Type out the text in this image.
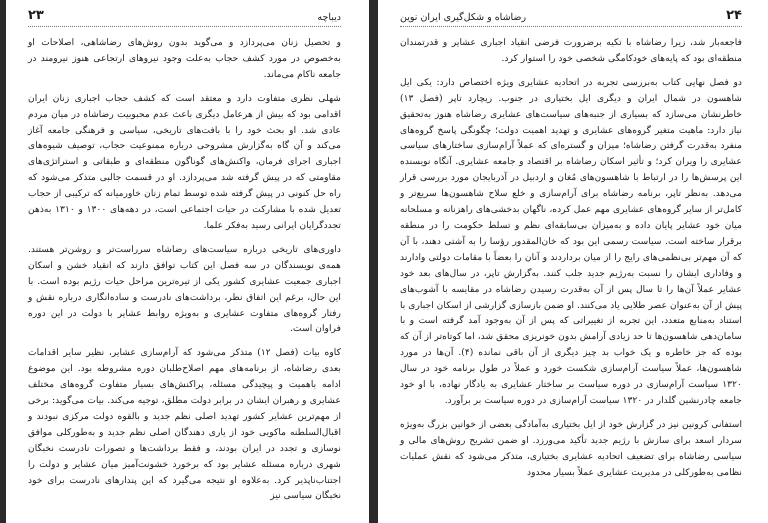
دیباچه
۲۳

و تحصیل زنان می‌پردازد و می‌گوید بدون روش‌های رضاشاهی، اصلاحات او به‌خصوص در مورد کشف حجاب به‌علت وجود نیروهای ارتجاعی هنوز نیرومند در جامعه ناکام می‌ماند.

شهلی نظری متفاوت دارد و معتقد است که کشف حجاب اجباری زنان ایران اقدامی بود که بیش از هرعامل دیگری باعث عدم محبوبیت رضاشاه در میان مردم عادی شد. او بحث خود را با بافت‌های تاریخی، سیاسی و فرهنگی جامعه آغاز می‌کند و آن گاه به‌گزارش مشروحی درباره ممنوعیت حجاب، توصیف شیوه‌های اجباری اجرای فرمان، واکنش‌های گوناگون منطقه‌ای و طبقاتی و استراتژی‌های مقاومتی که در پیش گرفته شد می‌پردازد. او در قسمت جالبی متذکر می‌شود که راه حل کنونی در پیش گرفته شده توسط تمام زنان خاورمیانه که ترکیبی از حجاب تعدیل شده با مشارکت در حیات اجتماعی است، در دهه‌های ۱۳۰۰ و ۱۳۱۰ به‌ذهن تجددگرایان ایرانی رسید به‌فکر علما.

داوری‌های تاریخی درباره سیاست‌های رضاشاه سرراست‌تر و روشن‌تر هستند. همه‌ی نویسندگان در سه فصل این کتاب توافق دارند که انقیاد خشن و اسکان اجباری جمعیت عشایری کشور یکی از تیره‌ترین مراحل حیات رژیم بوده است. با این حال، برغم این اتفاق نظر، برداشت‌های نادرست و ساده‌انگاری درباره نقش و رفتار گروه‌های متفاوت عشایری و به‌ویژه روابط عشایر با دولت در این دوره فراوان است.

کاوه بیات (فصل ۱۲) متذکر می‌شود که آرام‌سازی عشایر، نظیر سایر اقدامات بعدی رضاشاه، از برنامه‌های مهم اصلاح‌طلبان دوره مشروطه بود. این موضوع ادامه باهمیت و پیچیدگی مسئله، پراکنش‌های بسیار متفاوت گروه‌های مختلف عشایری و رهبران ایشان در برابر دولت مطلق، توجیه می‌کند. بیات می‌گوید: برخی از مهم‌ترین عشایر کشور تهدید اصلی نظم جدید و بالقوه دولت مرکزی نبودند و اقبال‌السلطنه ماکویی خود از یاری دهندگان اصلی نظم جدید و به‌طورکلی موافق نوسازی و تجدد در ایران بودند، و فقط برداشت‌ها و تصورات نادرست نخبگان شهری درباره مسئله عشایر بود که برخورد خشونت‌آمیز میان عشایر و دولت را اجتناب‌ناپذیر کرد. به‌علاوه او نتیجه می‌گیرد که این پندارهای نادرست برای خود نخبگان سیاسی نیز

۲۴
رضاشاه و شکل‌گیری ایران نوین

فاجعه‌بار شد، زیرا رضاشاه با تکیه برضرورت فرضی انقیاد اجباری عشایر و قدرتمندان منطقه‌ای بود که پایه‌های خودکامگی شخصی خود را استوار کرد.

دو فصل نهایی کتاب به‌بررسی تجربه در اتحادیه عشایری ویژه اختصاص دارد: یکی ایل شاهسون در شمال ایران و دیگری ایل بختیاری در جنوب. ریچارد تاپر (فصل ۱۳) خاطرنشان می‌سازد که بسیاری از جنبه‌های سیاست‌های عشایری رضاشاه هنوز به‌تحقیق نیاز دارد: ماهیت متغیر گروه‌های عشایری و تهدید اهمیت دولت؛ چگونگی پاسخ گروه‌های منفرد به‌قدرت گرفتن رضاشاه؛ میزان و گستره‌ای که عملاً آرام‌سازی ساختارهای سیاسی عشایری را ویران کرد؛ و تأثیر اسکان رضاشاه بر اقتصاد و جامعه عشایری. آنگاه نویسنده این پرسش‌ها را در ارتباط با شاهسون‌های مُغان و اردبیل در آذربایجان مورد بررسی قرار می‌دهد. به‌نظر تاپر، برنامه رضاشاه برای آرام‌سازی و خلع سلاح شاهسون‌ها سریع‌تر و کامل‌تر از سایر گروه‌های عشایری مهم عمل کرده، ناگهان بدخشی‌های راهزنانه و مسلحانه میان خود عشایر پایان داده و به‌میزان بی‌سابقه‌ای نظم و تسلط حکومت را در منطقه برقرار ساخته است. سیاست رسمی این بود که خان‌المقدور رؤسا را به آشتی دهند، با آن که آن مهم‌تر بی‌نظمی‌های رایج را از میان برداردند و آنان را بعضاً با مقامات دولتی وادارند و وفاداری ایشان را نسبت به‌رژیم جدید جلب کنند. به‌گزارش تاپر، در سال‌های بعد خود عشایر عملاً آن‌ها را تا سال پس از آن به‌قدرت رسیدن رضاشاه در مقایسه با آشوب‌های پیش از آن به‌عنوان عصر طلایی یاد می‌کنند. او ضمن بازسازی گزارشی از اسکان اجباری با استناد به‌منابع متعدد، این تجربه از تغییراتی که پس از آن به‌وجود آمد گرفته است و با سامان‌دهی شاهسون‌ها تا حد زیادی آرامش بدون خونریزی محقق شد، اما کوتاه‌تر از آن که بوده که جز خاطره و یک خواب بد چیز دیگری از آن باقی نمانده (۴). آن‌ها در مورد شاهسون‌ها، عملاً سیاست آرام‌سازی شکست خورد و عملاً در طول برنامه خود در سال ۱۳۲۰ سیاست آرام‌سازی در دوره سیاست بر ساختار عشایری به یادگار نهاده، با او خود جامعه چادرنشین گلدار در ۱۳۲۰ سیاست آرام‌سازی در دوره سیاست بر برآورد.

استفانی کرونین نیز در گزارش خود از ایل بختیاری به‌آمادگی بعضی از خوانین بزرگ به‌ویژه سردار اسعد برای سازش با رژیم جدید تأکید می‌ورزد. او ضمن تشریح روش‌های مالی و سیاسی رضاشاه برای تضعیف اتحادیه عشایری بختیاری، متذکر می‌شود که نقش عملیات نظامی به‌طورکلی در مدیریت عشایری عملاً بسیار محدود
